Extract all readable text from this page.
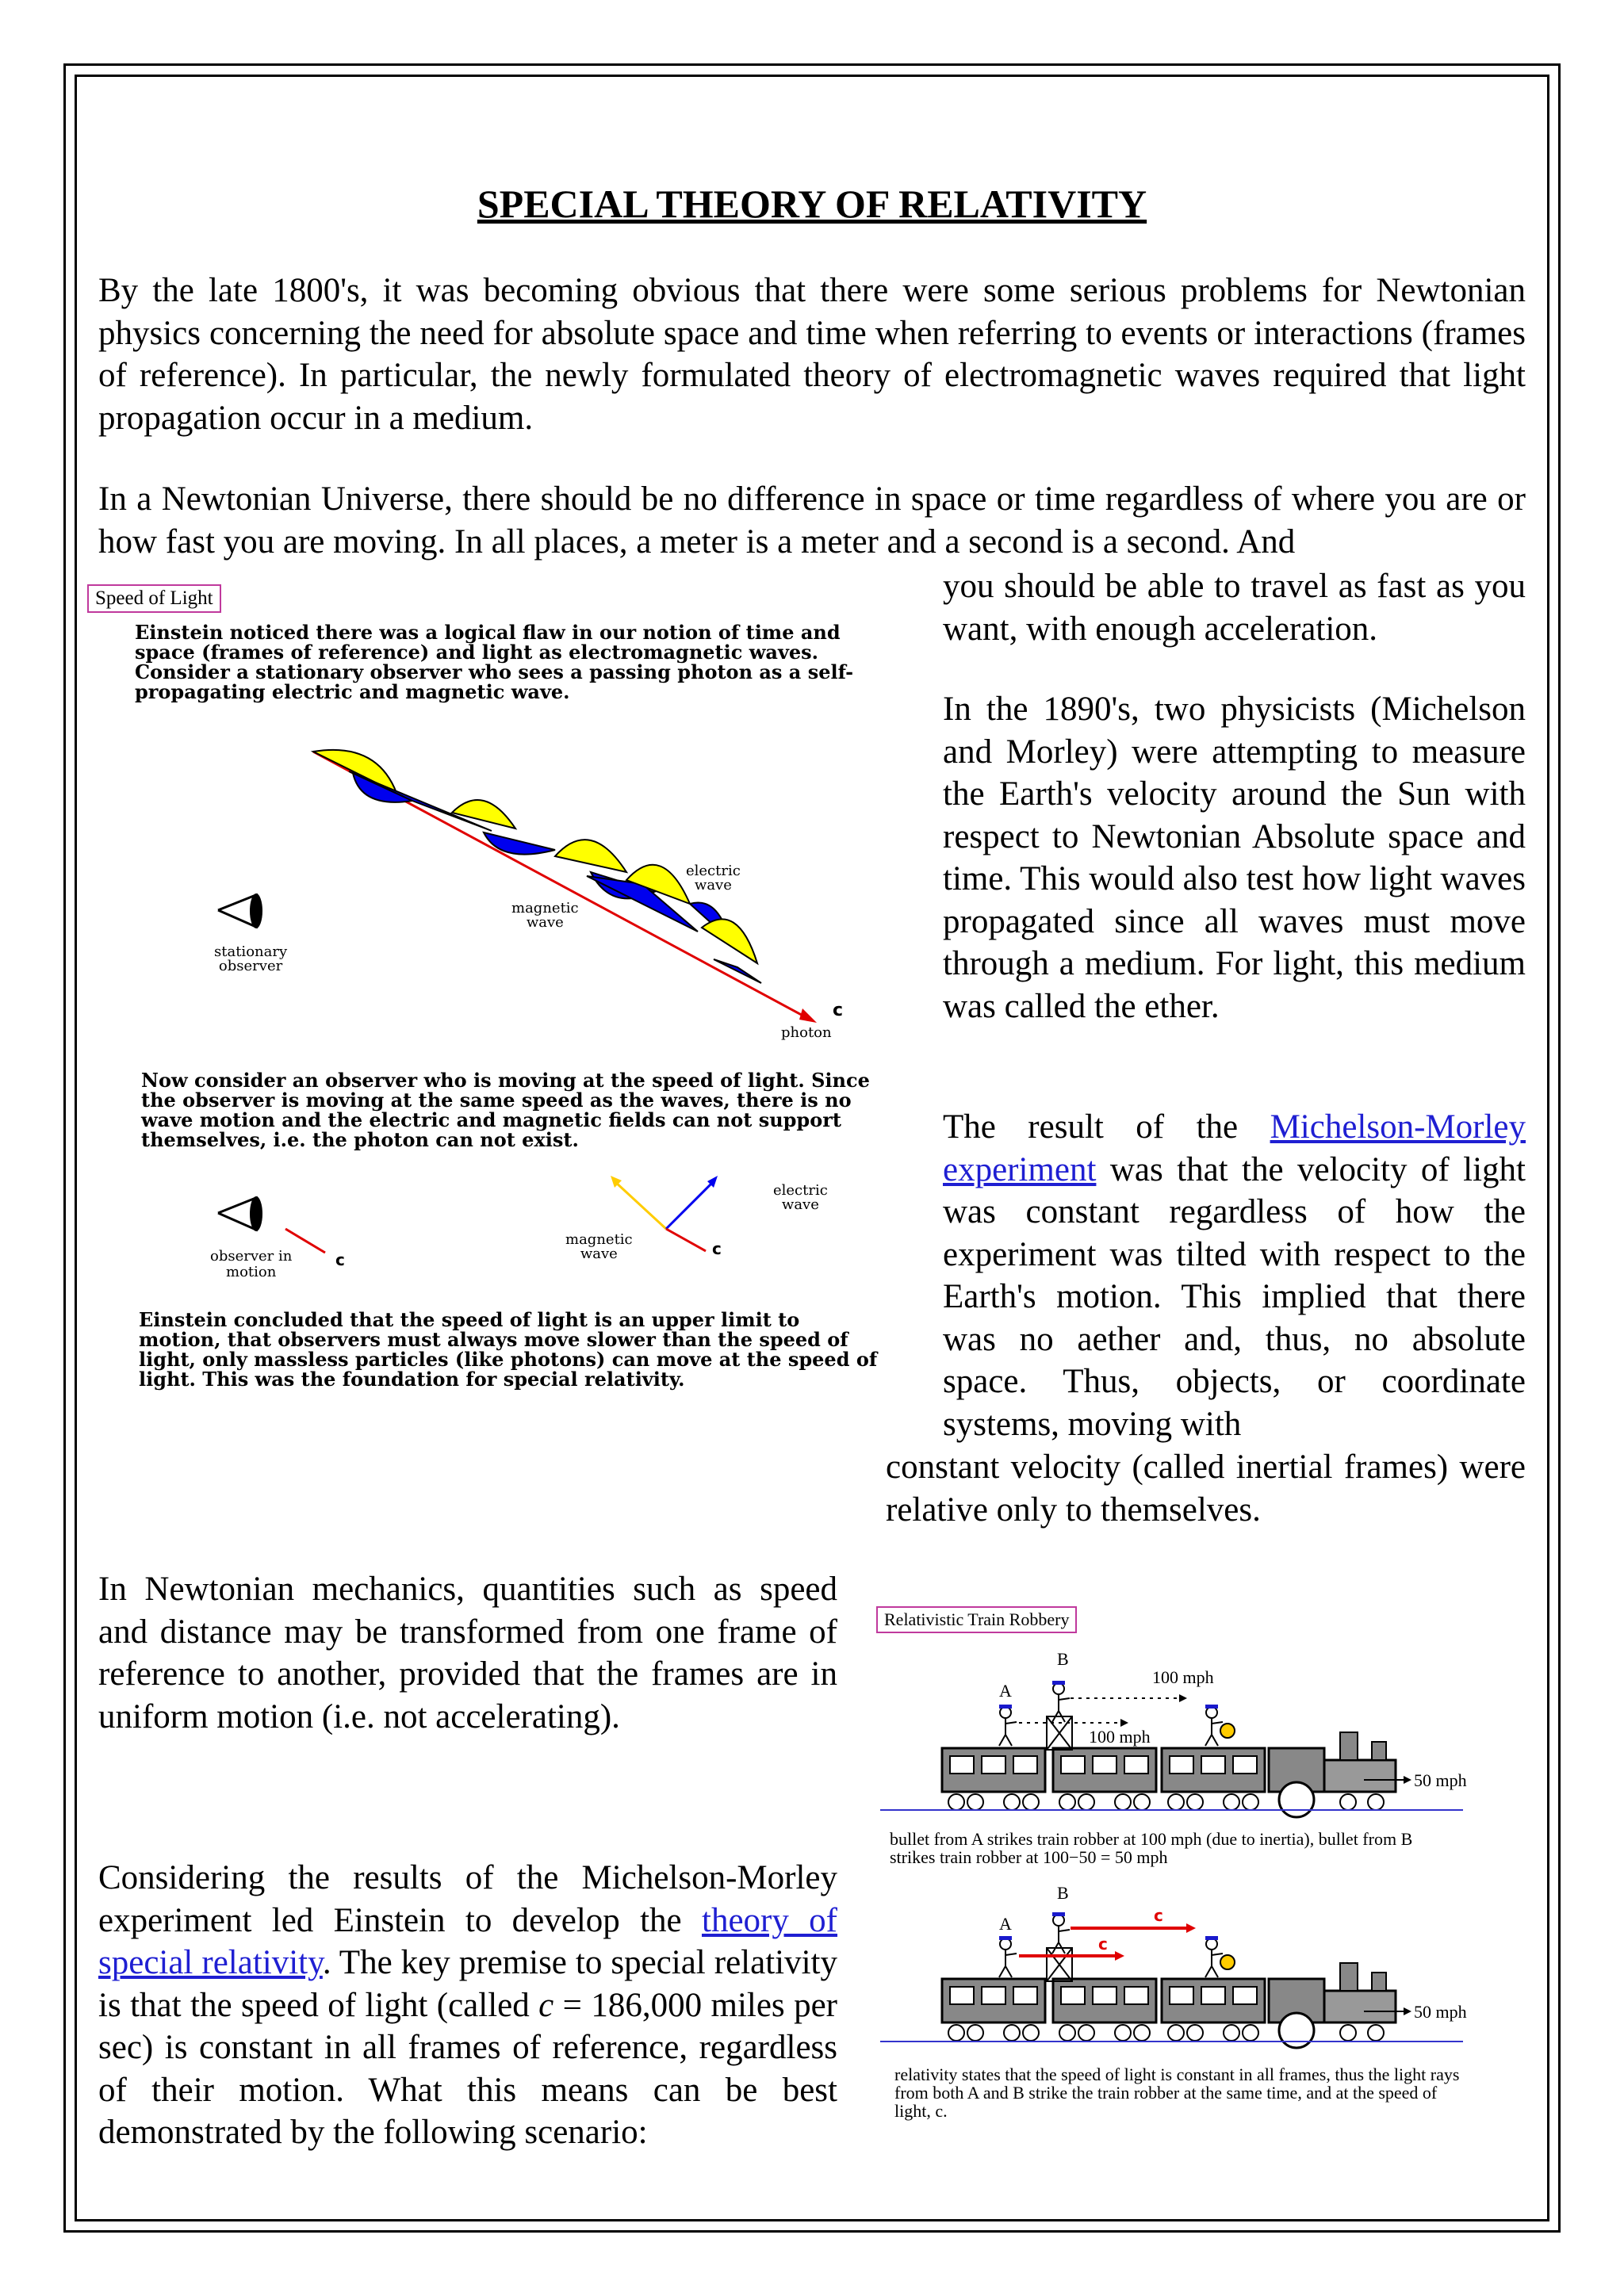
SPECIAL THEORY OF RELATIVITY

By the late 1800's, it was becoming obvious that there were some serious problems for Newtonian physics concerning the need for absolute space and time when referring to events or interactions (frames of reference). In particular, the newly formulated theory of electromagnetic waves required that light propagation occur in a medium.

In a Newtonian Universe, there should be no difference in space or time regardless of where you are or how fast you are moving. In all places, a meter is a meter and a second is a second. And

you should be able to travel as fast as you want, with enough acceleration.

In the 1890's, two physicists (Michelson and Morley) were attempting to measure the Earth's velocity around the Sun with respect to Newtonian Absolute space and time. This would also test how light waves propagated since all waves must move through a medium. For light, this medium was called the ether.

The result of the Michelson-Morley experiment was that the velocity of light was constant regardless of how the experiment was tilted with respect to the Earth's motion. This implied that there was no aether and, thus, no absolute space. Thus, objects, or coordinate systems, moving with

constant velocity (called inertial frames) were relative only to themselves.

In Newtonian mechanics, quantities such as speed and distance may be transformed from one frame of reference to another, provided that the frames are in uniform motion (i.e. not accelerating).

Considering the results of the Michelson-Morley experiment led Einstein to develop the theory of special relativity. The key premise to special relativity is that the speed of light (called c = 186,000 miles per sec) is constant in all frames of reference, regardless of their motion. What this means can be best demonstrated by the following scenario:

Speed of Light

Einstein noticed there was a logical flaw in our notion of time and space (frames of reference) and light as electromagnetic waves. Consider a stationary observer who sees a passing photon as a self-propagating electric and magnetic wave.

electric
wave
magnetic
wave
stationary
observer
c
photon

Now consider an observer who is moving at the speed of light. Since the observer is moving at the same speed as the waves, there is no wave motion and the electric and magnetic fields can not support themselves, i.e. the photon can not exist.

observer in
motion
c
electric
wave
magnetic
wave	c

Einstein concluded that the speed of light is an upper limit to motion, that observers must always move slower than the speed of light, only massless particles (like photons) can move at the speed of light. This was the foundation for special relativity.

Relativistic Train Robbery
B
A
100 mph
100 mph
50 mph

bullet from A strikes train robber at 100 mph (due to inertia), bullet from B strikes train robber at 100−50 = 50 mph

B
A	c
c
50 mph

relativity states that the speed of light is constant in all frames, thus the light rays from both A and B strike the train robber at the same time, and at the speed of light, c.
